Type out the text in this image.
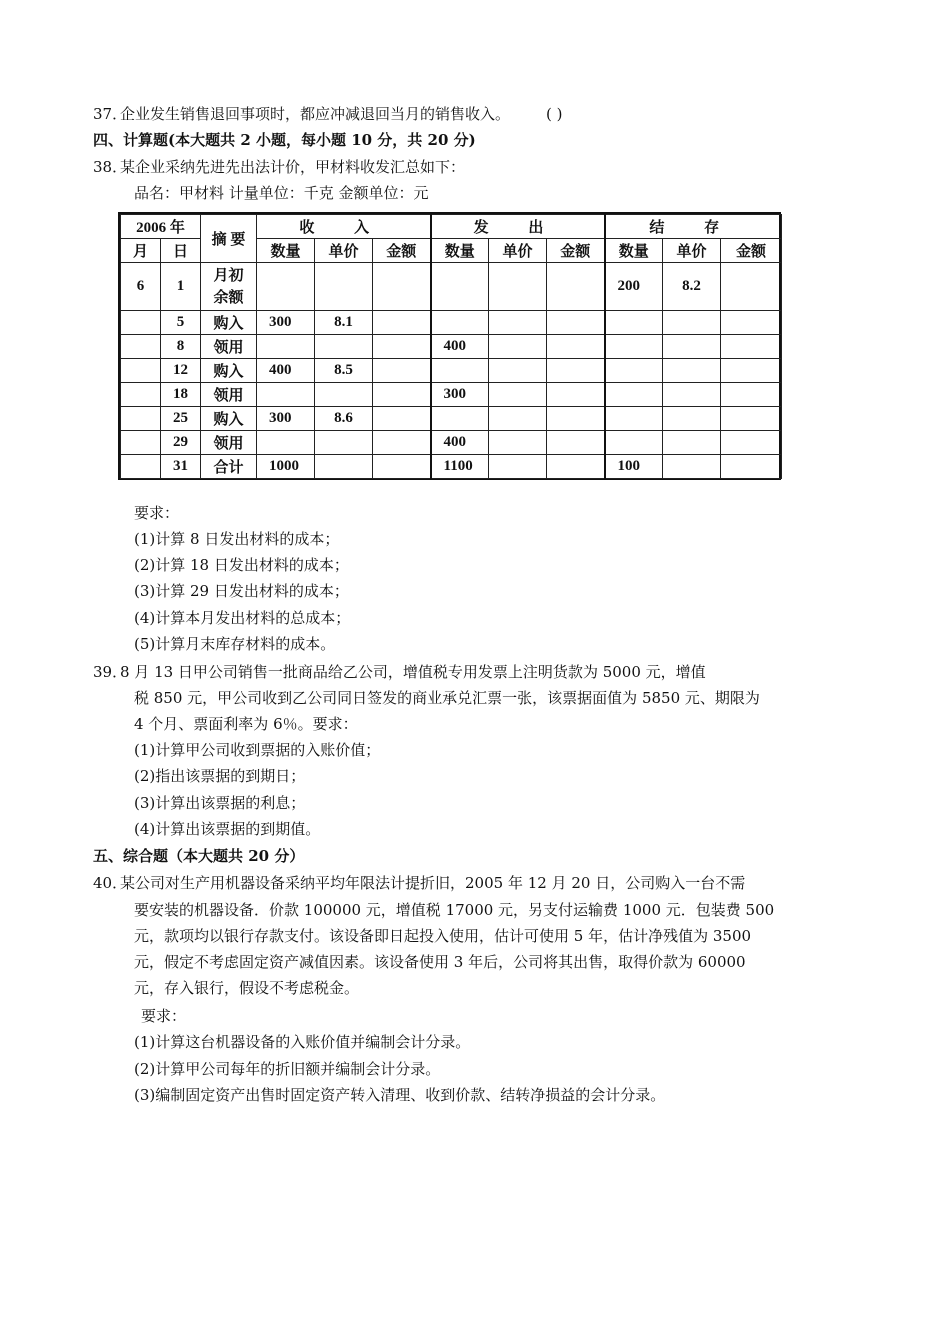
37．
企业发生销售退回事项时，都应冲减退回当月的销售收入。 ( )
四、计算题(本大题共 2 小题，每小题 10 分，共 20 分)
38．
某企业采纳先进先出法计价，甲材料收发汇总如下：
品名：甲材料 计量单位：千克 金额单位：元
2006 年		摘 要	收 入			发 出			结 存		
月	日		数量	单价	金额	数量	单价	金额	数量	单价	金额
6	1	月初余额							200	8.2	
	5	购入	300	8.1							
	8	领用				400					
	12	购入	400	8.5							
	18	领用				300					
	25	购入	300	8.6							
	29	领用				400					
	31	合计	1000			1100			100		
要求：
(1)计算 8 日发出材料的成本；
(2)计算 18 日发出材料的成本；
(3)计算 29 日发出材料的成本；
(4)计算本月发出材料的总成本；
(5)计算月末库存材料的成本。
39．
8 月 13 日甲公司销售一批商品给乙公司，增值税专用发票上注明货款为 5000 元，增值
税 850 元，甲公司收到乙公司同日签发的商业承兑汇票一张，该票据面值为 5850 元、期限为
4 个月、票面利率为 6％。要求：
(1)计算甲公司收到票据的入账价值；
(2)指出该票据的到期日；
(3)计算出该票据的利息；
(4)计算出该票据的到期值。
五、综合题（本大题共 20 分）
40．
某公司对生产用机器设备采纳平均年限法计提折旧，2005 年 12 月 20 日，公司购入一台不需
要安装的机器设备．价款 100000 元，增值税 17000 元，另支付运输费 1000 元．包装费 500
元，款项均以银行存款支付。该设备即日起投入使用，估计可使用 5 年，估计净残值为 3500
元，假定不考虑固定资产减值因素。该设备使用 3 年后，公司将其出售，取得价款为 60000
元，存入银行，假设不考虑税金。
要求：
(1)计算这台机器设备的入账价值并编制会计分录。
(2)计算甲公司每年的折旧额并编制会计分录。
(3)编制固定资产出售时固定资产转入清理、收到价款、结转净损益的会计分录。
